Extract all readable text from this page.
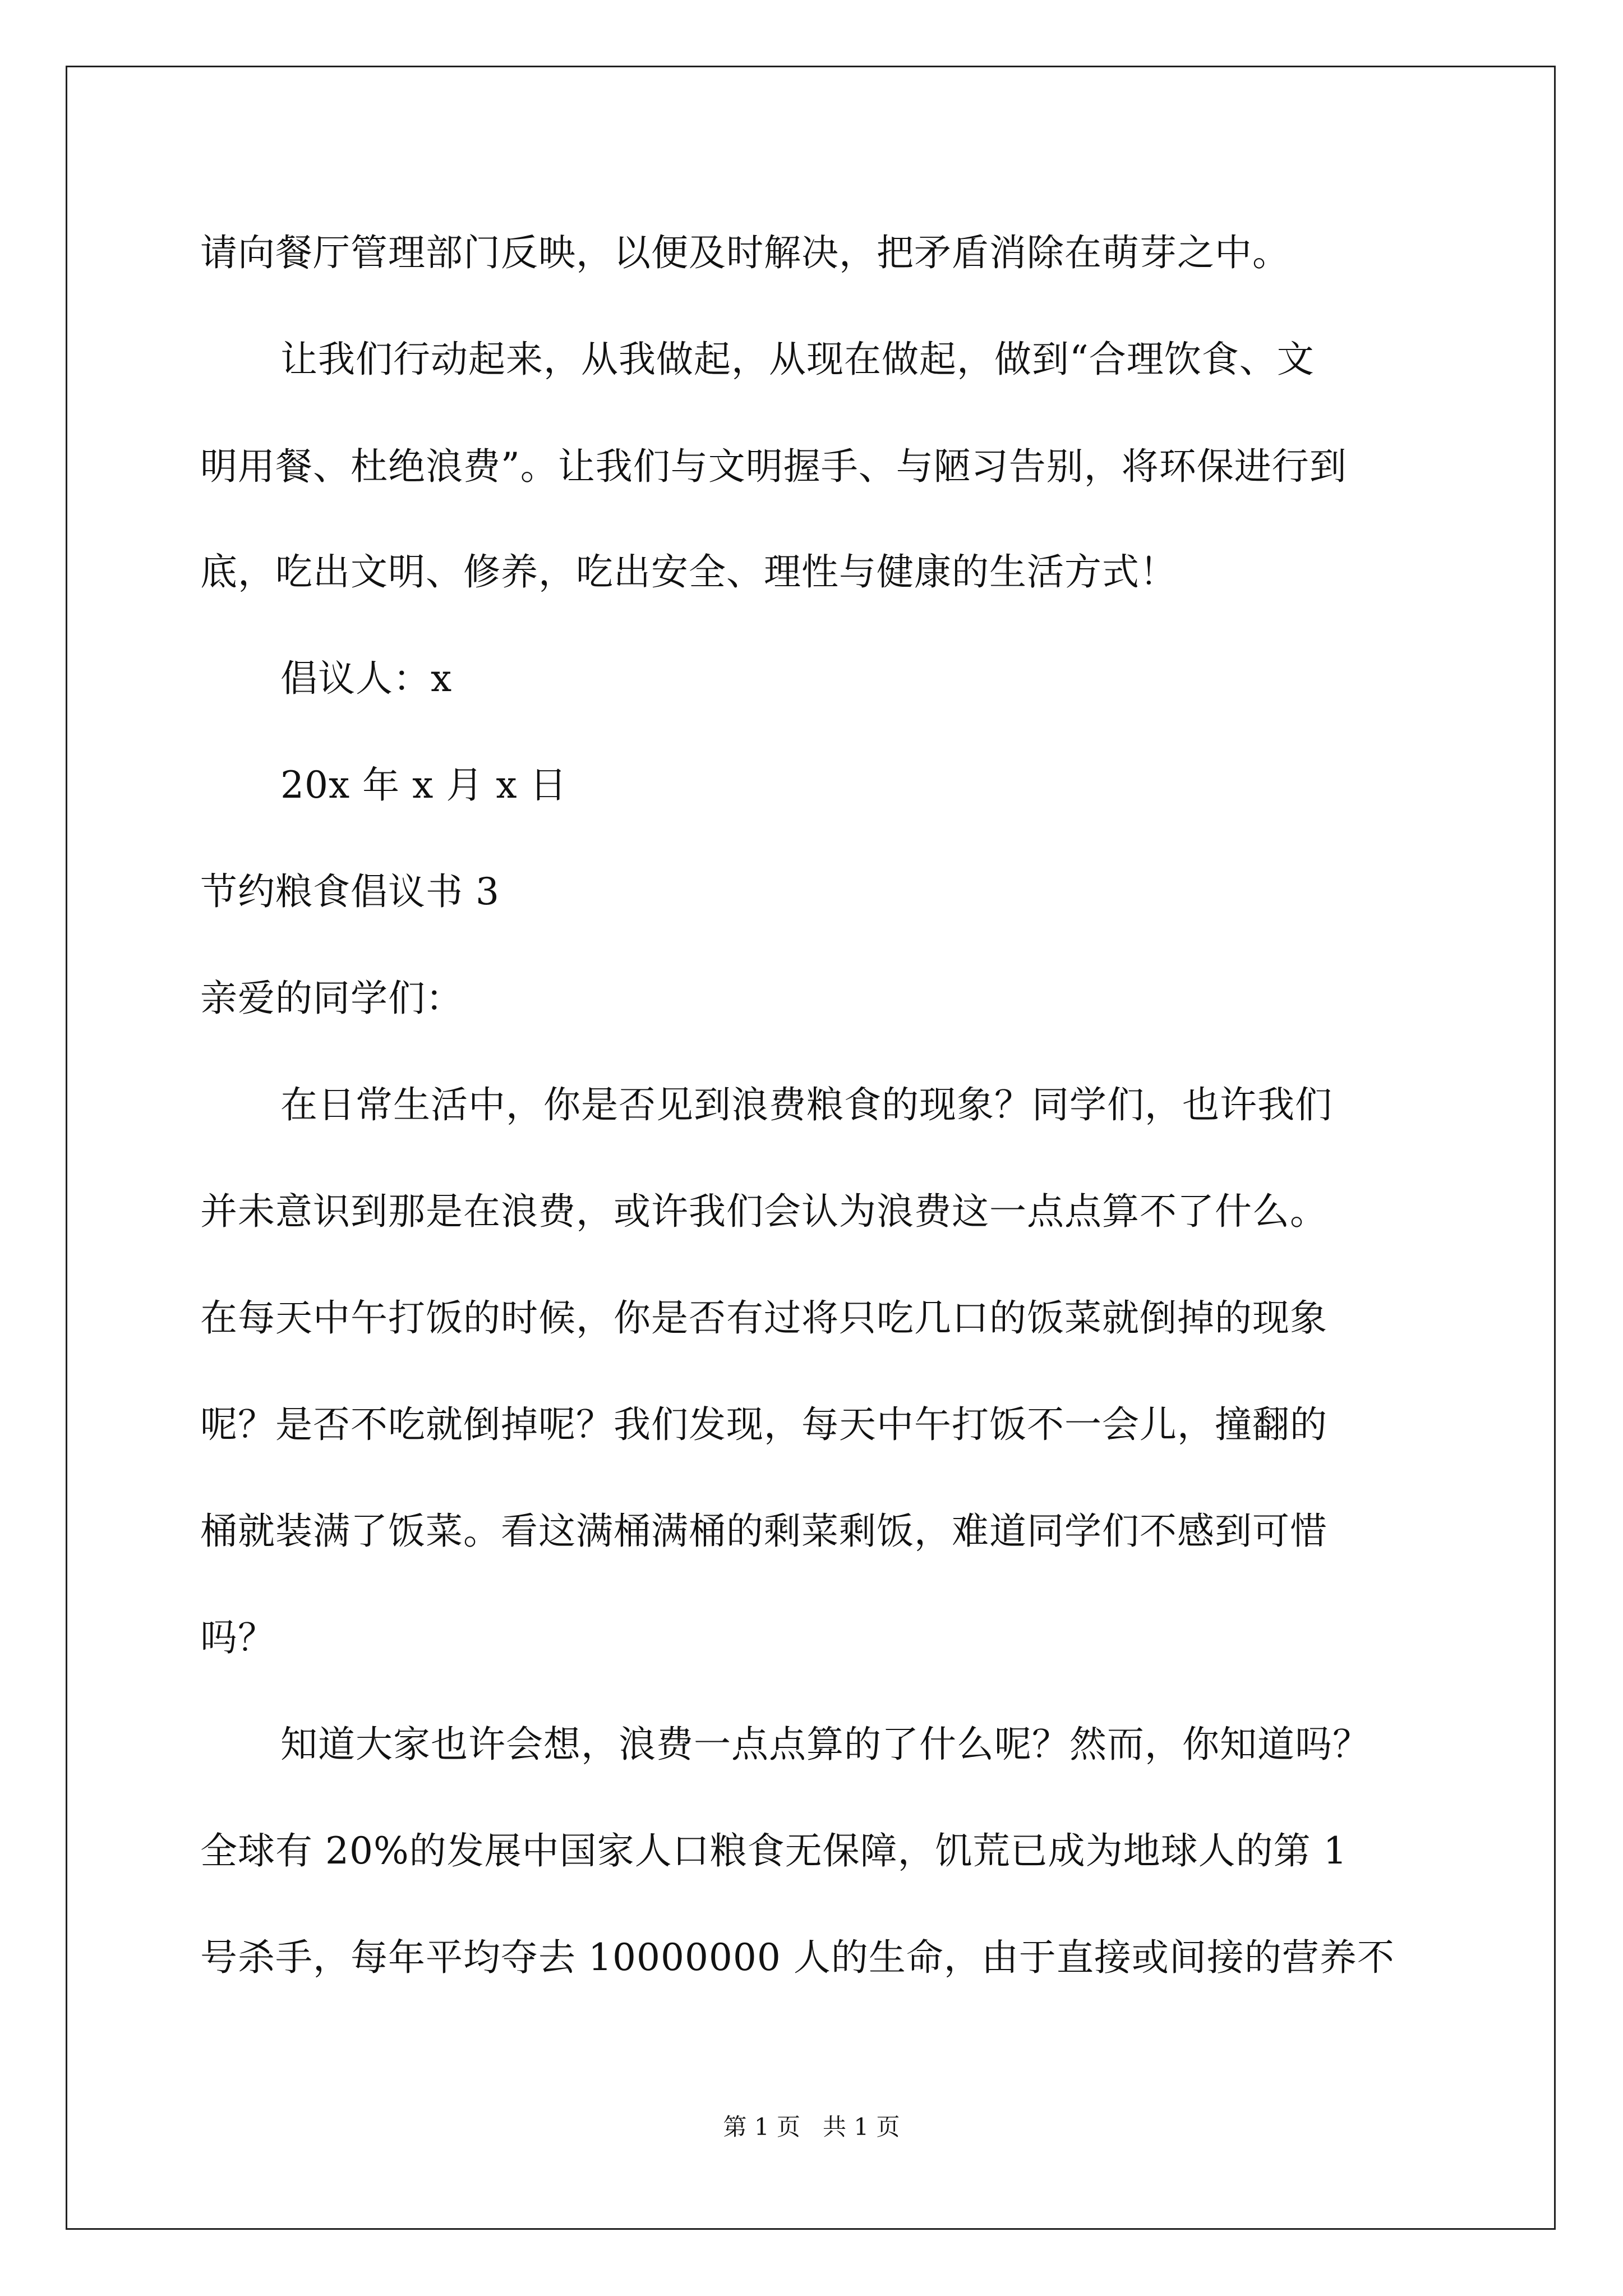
请向餐厅管理部门反映，以便及时解决，把矛盾消除在萌芽之中。
让我们行动起来，从我做起，从现在做起，做到“合理饮食、文
明用餐、杜绝浪费”。让我们与文明握手、与陋习告别，将环保进行到
底，吃出文明、修养，吃出安全、理性与健康的生活方式！
倡议人：x
20x 年 x 月 x 日
节约粮食倡议书 3
亲爱的同学们：
在日常生活中，你是否见到浪费粮食的现象？同学们，也许我们
并未意识到那是在浪费，或许我们会认为浪费这一点点算不了什么。
在每天中午打饭的时候，你是否有过将只吃几口的饭菜就倒掉的现象
呢？是否不吃就倒掉呢？我们发现，每天中午打饭不一会儿，撞翻的
桶就装满了饭菜。看这满桶满桶的剩菜剩饭，难道同学们不感到可惜
吗？
知道大家也许会想，浪费一点点算的了什么呢？然而，你知道吗？
全球有 20%的发展中国家人口粮食无保障，饥荒已成为地球人的第 1
号杀手，每年平均夺去 10000000 人的生命，由于直接或间接的营养不
第 1 页   共 1 页
